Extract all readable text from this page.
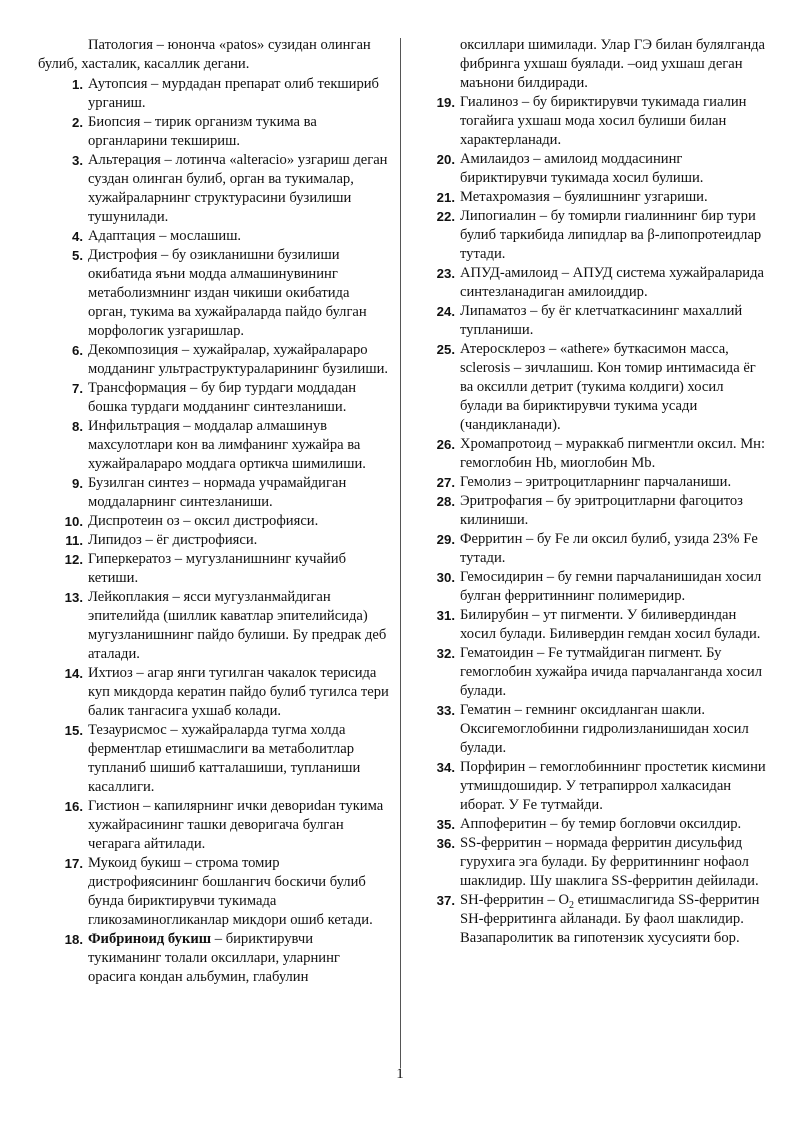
Патология – юнонча «patos» сузидан олинган булиб, хасталик, касаллик дегани.

1. Аутопсия – мурдадан препарат олиб текшириб урганиш.

2. Биопсия – тирик организм тукима ва органларини текшириш.

3. Альтерация – лотинча «alteracio» узгариш деган суздан олинган булиб, орган ва тукималар, хужайраларнинг структурасини бузилиши тушунилади.

4. Адаптация – мослашиш.

5. Дистрофия – бу озикланишни бузилиши окибатида яъни модда алмашинувининг метаболизмнинг издан чикиши окибатида орган, тукима ва хужайраларда пайдо булган морфологик узгаришлар.

6. Декомпозиция – хужайралар, хужайралараро модданинг ультраструктураларининг бузилиши.

7. Трансформация – бу бир турдаги моддадан бошка турдаги модданинг синтезланиши.

8. Инфильтрация – моддалар алмашинув махсулотлари кон ва лимфанинг хужайра ва хужайралараро моддага ортикча шимилиши.

9. Бузилган синтез – нормада учрамайдиган моддаларнинг синтезланиши.

10. Диспротеин оз – оксил дистрофияси.

11. Липидоз – ёг дистрофияси.

12. Гиперкератоз – мугузланишнинг кучайиб кетиши.

13. Лейкоплакия – ясси мугузланмайдиган эпителийда (шиллик каватлар эпителийсида) мугузланишнинг пайдо булиши. Бу предрак деб аталади.

14. Ихтиоз – агар янги тугилган чакалок терисида куп микдорда кератин пайдо булиб тугилса тери балик тангасига ухшаб колади.

15. Тезаурисмос – хужайраларда тугма холда ферментлар етишмаслиги ва метаболитлар тупланиб шишиб катталашиши, тупланиши касаллиги.

16. Гистион – капилярнинг ички девориdан тукима хужайрасининг ташки деворигача булган чегарага айтилади.

17. Мукоид букиш – строма томир дистрофиясининг бошлангич боскичи булиб бунда бириктирувчи тукимада гликозаминогликанлар микдори ошиб кетади.

18. Фибриноид букиш – бириктирувчи тукиманинг толали оксиллари, уларнинг орасига кондан альбумин, глабулин

оксиллари шимилади. Улар ГЭ билан булялганда фибринга ухшаш буялади. –оид ухшаш деган маънони билдиради.

19. Гиалиноз – бу бириктирувчи тукимада гиалин тогайига ухшаш мода хосил булиши билан характерланади.

20. Амилаидоз – амилоид моддасининг бириктирувчи тукимада хосил булиши.

21. Метахромазия – буялишнинг узгариши.

22. Липогиалин – бу томирли гиалиннинг бир тури булиб таркибида липидлар ва β-липопротеидлар тутади.

23. АПУД-амилоид – АПУД система хужайраларида синтезланадиган амилоиддир.

24. Липаматоз – бу ёг клетчаткасининг махаллий тупланиши.

25. Атеросклероз – «athere» буткасимон масса, sclerosis – зичлашиш. Кон томир интимасида ёг ва оксилли детрит (тукима колдиги) хосил булади ва бириктирувчи тукима усади (чандикланади).

26. Хромапротоид – мураккаб пигментли оксил. Мн: гемоглобин Hb, миоглобин Mb.

27. Гемолиз – эритроцитларнинг парчаланиши.

28. Эритрофагия – бу эритроцитларни фагоцитоз килиниши.

29. Ферритин – бу Fe ли оксил булиб, узида 23% Fe тутади.

30. Гемосидирин – бу гемни парчаланишидан хосил булган ферритиннинг полимеридир.

31. Билирубин – ут пигменти. У биливердиндан хосил булади. Биливердин гемдан хосил булади.

32. Гематоидин – Fe тутмайдиган пигмент. Бу гемоглобин хужайра ичида парчаланганда хосил булади.

33. Гематин – гемнинг оксидланган шакли. Оксигемоглобинни гидролизланишидан хосил булади.

34. Порфирин – гемоглобиннинг простетик кисмини утмишдошидир. У тетрапиррол халкасидан иборат. У Fe тутмайди.

35. Аппоферитин – бу темир богловчи оксилдир.

36. SS-ферритин – нормада ферритин дисульфид гурухига эга булади. Бу ферритиннинг нофаол шаклидир. Шу шаклига SS-ферритин дейилади.

37. SH-ферритин – $O_2$ етишмаслигида SS-ферритин SH-ферритинга айланади. Бу фаол шаклидир. Вазапаролитик ва гипотензик хусусияти бор.

1
